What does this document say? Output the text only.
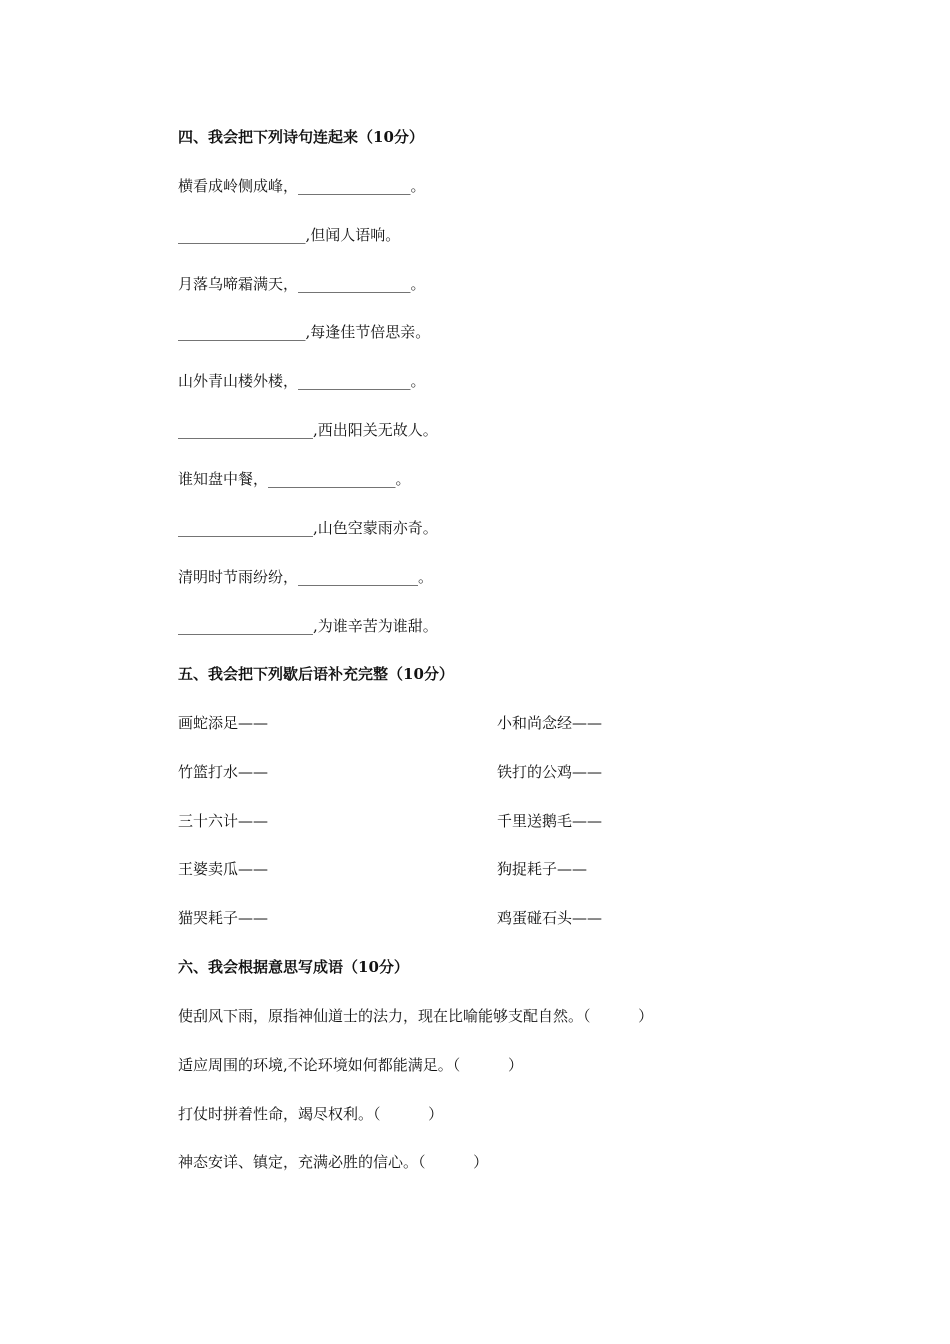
四、我会把下列诗句连起来（10分）
横看成岭侧成峰，_______________。
_________________,但闻人语响。
月落乌啼霜满天，_______________。
_________________,每逢佳节倍思亲。
山外青山楼外楼，_______________。
__________________,西出阳关无故人。
谁知盘中餐，_________________。
__________________,山色空蒙雨亦奇。
清明时节雨纷纷，________________。
__________________,为谁辛苦为谁甜。
五、我会把下列歇后语补充完整（10分）
画蛇添足——	小和尚念经——
竹篮打水——	铁打的公鸡——
三十六计——	千里送鹅毛——
王婆卖瓜——	狗捉耗子——
猫哭耗子——	鸡蛋碰石头——
六、我会根据意思写成语（10分）
使刮风下雨，原指神仙道士的法力，现在比喻能够支配自然。（          ）
适应周围的环境,不论环境如何都能满足。（          ）
打仗时拼着性命，竭尽权利。（          ）
神态安详、镇定，充满必胜的信心。（          ）
